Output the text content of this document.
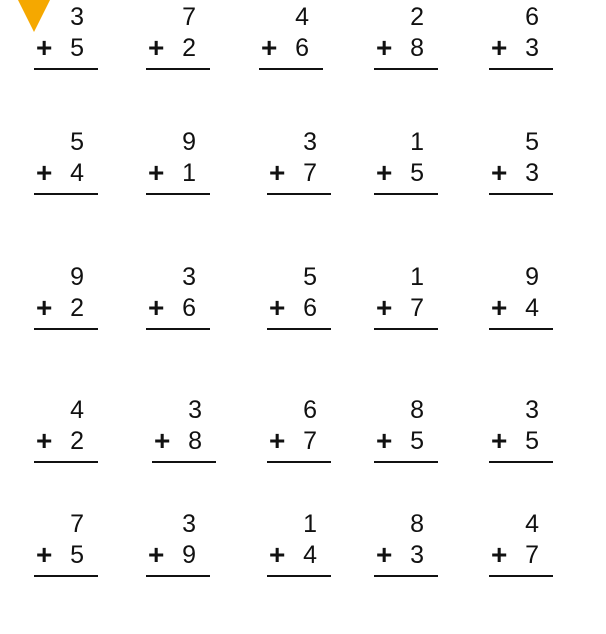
3
+ 5
7
+ 2
4
+ 6
2
+ 8
6
+ 3
5
+ 4
9
+ 1
3
+ 7
1
+ 5
5
+ 3
9
+ 2
3
+ 6
5
+ 6
1
+ 7
9
+ 4
4
+ 2
3
+ 8
6
+ 7
8
+ 5
3
+ 5
7
+ 5
3
+ 9
1
+ 4
8
+ 3
4
+ 7
